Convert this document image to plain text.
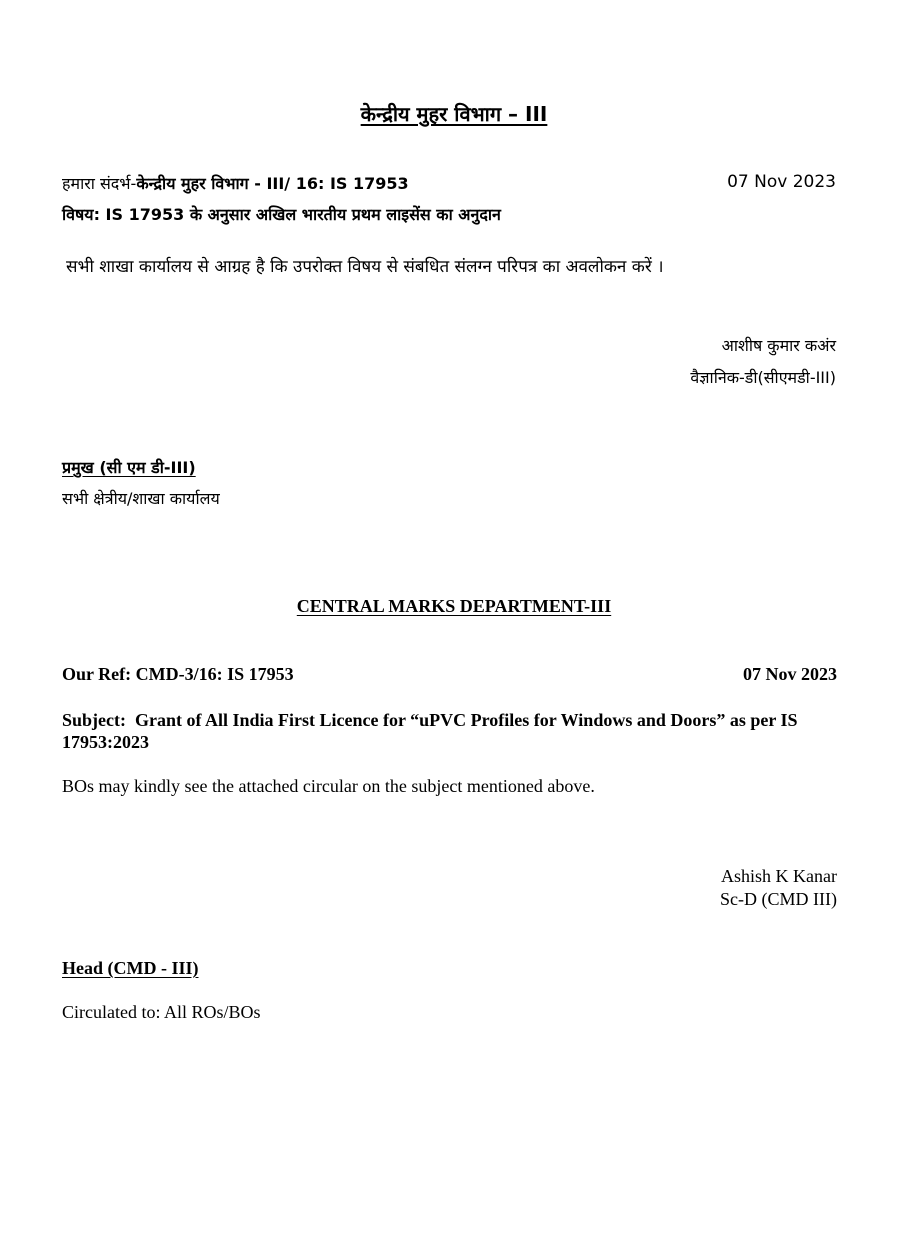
केन्द्रीय मुहर विभाग – III
हमारा संदर्भ-केन्द्रीय मुहर विभाग - III/ 16: IS 17953	07 Nov 2023
विषय: IS 17953 के अनुसार अखिल भारतीय प्रथम लाइसेंस का अनुदान
सभी शाखा कार्यालय से आग्रह है कि उपरोक्त विषय से संबधित संलग्न परिपत्र का अवलोकन करें ।
आशीष कुमार कअंर
वैज्ञानिक-डी(सीएमडी-III)
प्रमुख (सी एम डी-III)
सभी क्षेत्रीय/शाखा कार्यालय
CENTRAL MARKS DEPARTMENT-III
Our Ref: CMD-3/16: IS 17953	07 Nov 2023
Subject: Grant of All India First Licence for “uPVC Profiles for Windows and Doors” as per IS 17953:2023
BOs may kindly see the attached circular on the subject mentioned above.
Ashish K Kanar
Sc-D (CMD III)
Head (CMD - III)
Circulated to: All ROs/BOs
